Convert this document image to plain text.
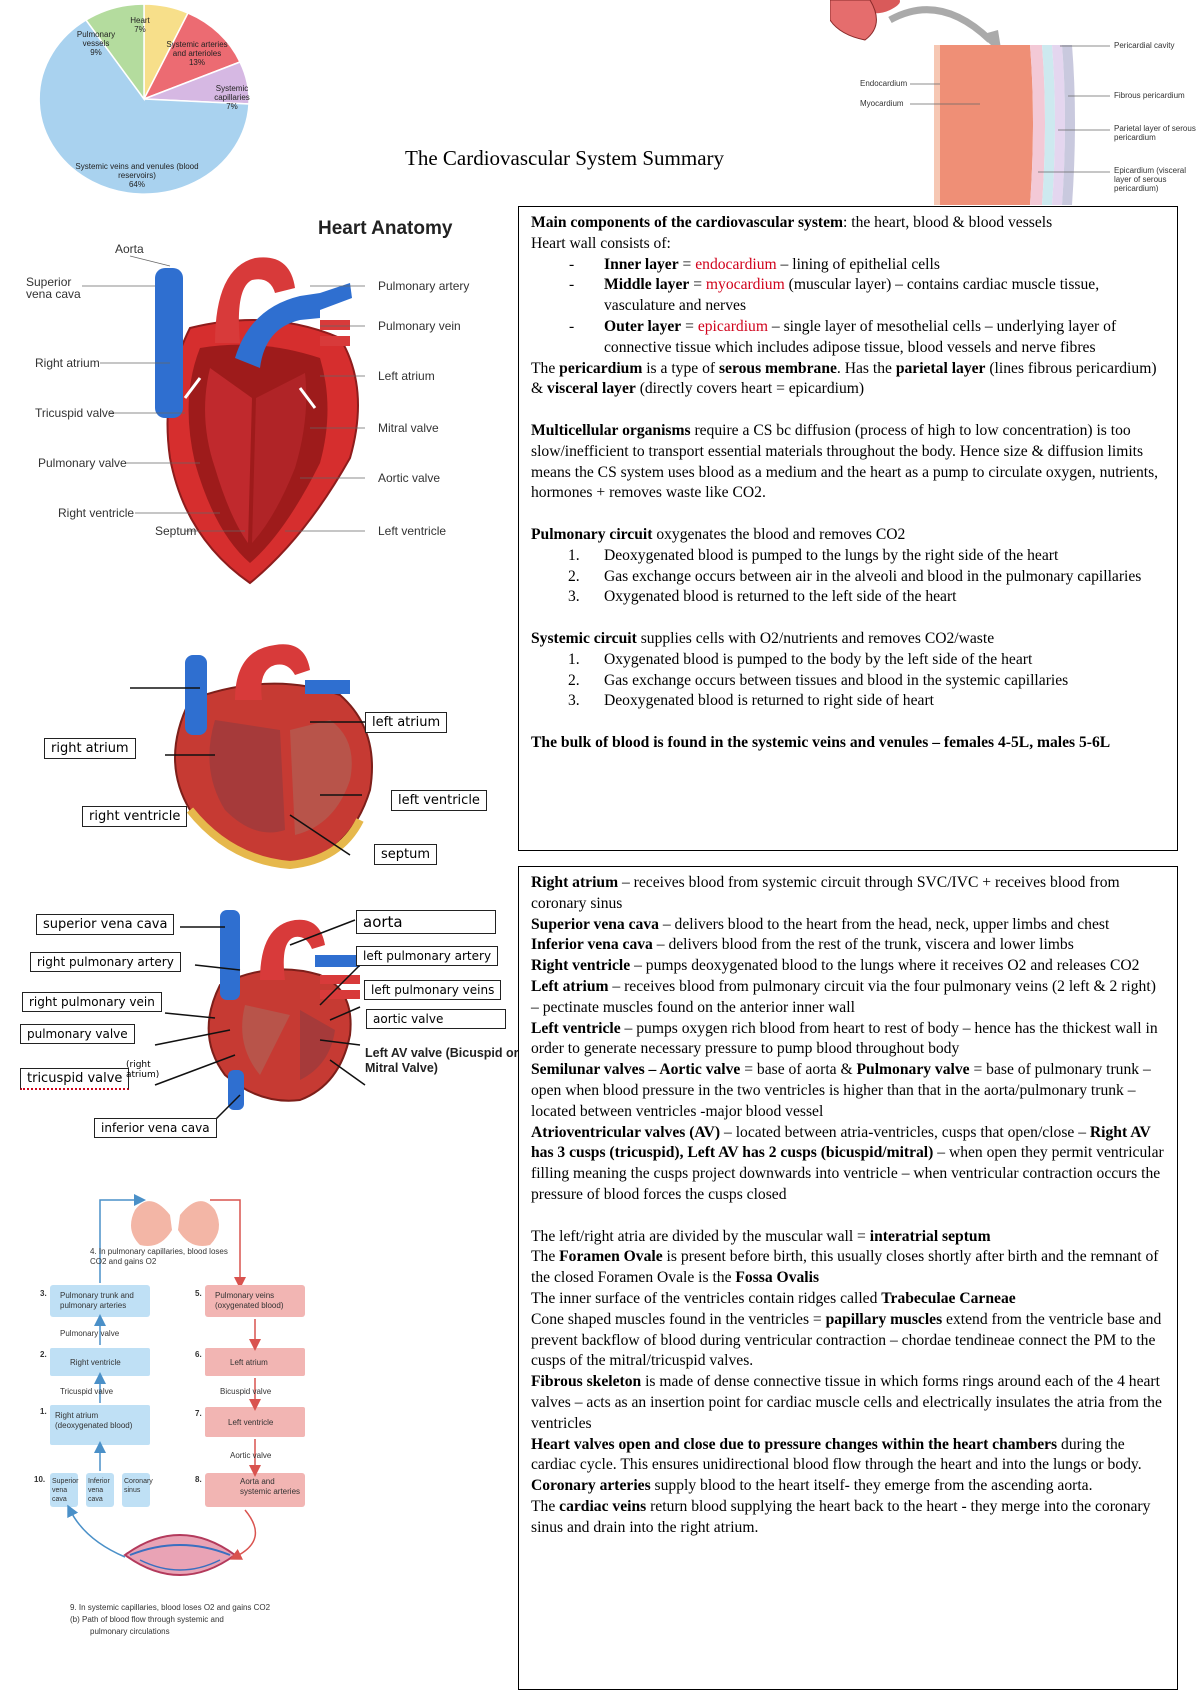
Heart
7%
Systemic arteries and arterioles
13%
Systemic capillaries
7%
Systemic veins and venules (blood reservoirs)
64%
Pulmonary vessels
9%
The Cardiovascular System Summary
Pericardial cavity
Endocardium
Myocardium
Fibrous pericardium
Parietal layer of serous pericardium
Epicardium (visceral layer of serous pericardium)
Heart Anatomy
Aorta
Superior vena cava
Right atrium
Tricuspid valve
Pulmonary valve
Right ventricle
Septum
Pulmonary artery
Pulmonary vein
Left atrium
Mitral valve
Aortic valve
Left ventricle
left atrium
right atrium
left ventricle
right ventricle
septum
superior vena cava	aorta
right pulmonary artery	left pulmonary artery
right pulmonary vein
left pulmonary veins
pulmonary valve
aortic valve
tricuspid valve
(right atrium)
Left AV valve (Bicuspid or Mitral Valve)
inferior vena cava
4. In pulmonary capillaries, blood loses CO2 and gains O2
3. Pulmonary trunk and pulmonary arteries
5. Pulmonary veins (oxygenated blood)
Pulmonary valve
2.
Right ventricle
6.
Left atrium
Tricuspid valve	Bicuspid valve
1. Right atrium (deoxygenated blood)
7.
Left ventricle
Aortic valve
10. Superior vena cava
Inferior vena cava
Coronary sinus
8.	Aorta and systemic arteries
9. In systemic capillaries, blood loses O2 and gains CO2
(b) Path of blood flow through systemic and
pulmonary circulations

Main components of the cardiovascular system: the heart, blood & blood vessels

Heart wall consists of:

- Inner layer = endocardium – lining of epithelial cells
- Middle layer = myocardium (muscular layer) – contains cardiac muscle tissue, vasculature and nerves
- Outer layer = epicardium – single layer of mesothelial cells – underlying layer of connective tissue which includes adipose tissue, blood vessels and nerve fibres

The pericardium is a type of serous membrane. Has the parietal layer (lines fibrous pericardium) & visceral layer (directly covers heart = epicardium)

Multicellular organisms require a CS bc diffusion (process of high to low concentration) is too slow/inefficient to transport essential materials throughout the body. Hence size & diffusion limits means the CS system uses blood as a medium and the heart as a pump to circulate oxygen, nutrients, hormones + removes waste like CO2.

Pulmonary circuit oxygenates the blood and removes CO2

1. Deoxygenated blood is pumped to the lungs by the right side of the heart
2. Gas exchange occurs between air in the alveoli and blood in the pulmonary capillaries
3. Oxygenated blood is returned to the left side of the heart

Systemic circuit supplies cells with O2/nutrients and removes CO2/waste

1. Oxygenated blood is pumped to the body by the left side of the heart
2. Gas exchange occurs between tissues and blood in the systemic capillaries
3. Deoxygenated blood is returned to right side of heart

The bulk of blood is found in the systemic veins and venules – females 4-5L, males 5-6L

Right atrium – receives blood from systemic circuit through SVC/IVC + receives blood from coronary sinus

Superior vena cava – delivers blood to the heart from the head, neck, upper limbs and chest

Inferior vena cava – delivers blood from the rest of the trunk, viscera and lower limbs

Right ventricle – pumps deoxygenated blood to the lungs where it receives O2 and releases CO2

Left atrium – receives blood from pulmonary circuit via the four pulmonary veins (2 left & 2 right) – pectinate muscles found on the anterior inner wall

Left ventricle – pumps oxygen rich blood from heart to rest of body – hence has the thickest wall in order to generate necessary pressure to pump blood throughout body

Semilunar valves – Aortic valve = base of aorta & Pulmonary valve = base of pulmonary trunk – open when blood pressure in the two ventricles is higher than that in the aorta/pulmonary trunk – located between ventricles -major blood vessel

Atrioventricular valves (AV) – located between atria-ventricles, cusps that open/close – Right AV has 3 cusps (tricuspid), Left AV has 2 cusps (bicuspid/mitral) – when open they permit ventricular filling meaning the cusps project downwards into ventricle – when ventricular contraction occurs the pressure of blood forces the cusps closed

The left/right atria are divided by the muscular wall = interatrial septum

The Foramen Ovale is present before birth, this usually closes shortly after birth and the remnant of the closed Foramen Ovale is the Fossa Ovalis

The inner surface of the ventricles contain ridges called Trabeculae Carneae

Cone shaped muscles found in the ventricles = papillary muscles extend from the ventricle base and prevent backflow of blood during ventricular contraction – chordae tendineae connect the PM to the cusps of the mitral/tricuspid valves.

Fibrous skeleton is made of dense connective tissue in which forms rings around each of the 4 heart valves – acts as an insertion point for cardiac muscle cells and electrically insulates the atria from the ventricles

Heart valves open and close due to pressure changes within the heart chambers during the cardiac cycle. This ensures unidirectional blood flow through the heart and into the lungs or body.

Coronary arteries supply blood to the heart itself- they emerge from the ascending aorta.

The cardiac veins return blood supplying the heart back to the heart - they merge into the coronary sinus and drain into the right atrium.
